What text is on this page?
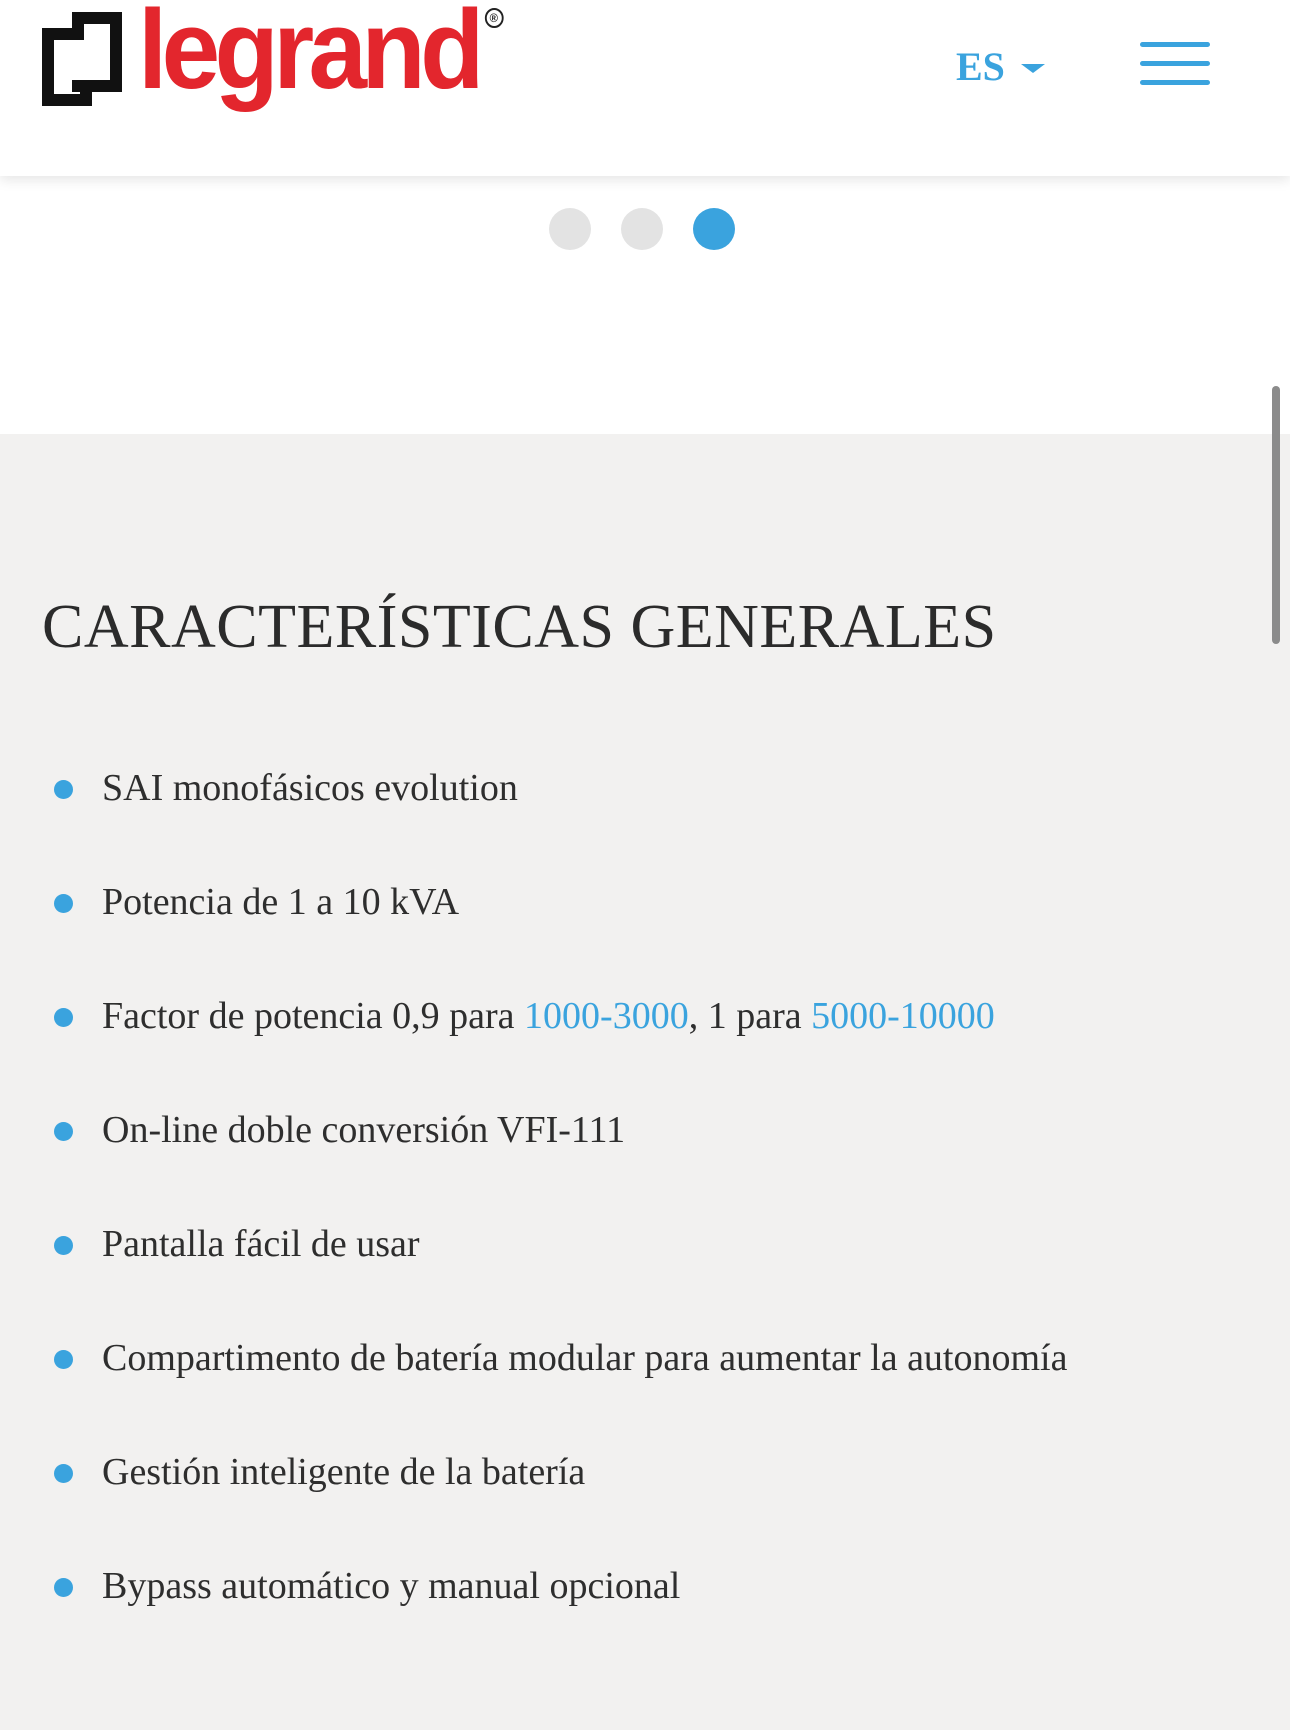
legrand ®
ES
CARACTERÍSTICAS GENERALES
SAI monofásicos evolution
Potencia de 1 a 10 kVA
Factor de potencia 0,9 para 1000-3000, 1 para 5000-10000
On-line doble conversión VFI-111
Pantalla fácil de usar
Compartimento de batería modular para aumentar la autonomía
Gestión inteligente de la batería
Bypass automático y manual opcional
